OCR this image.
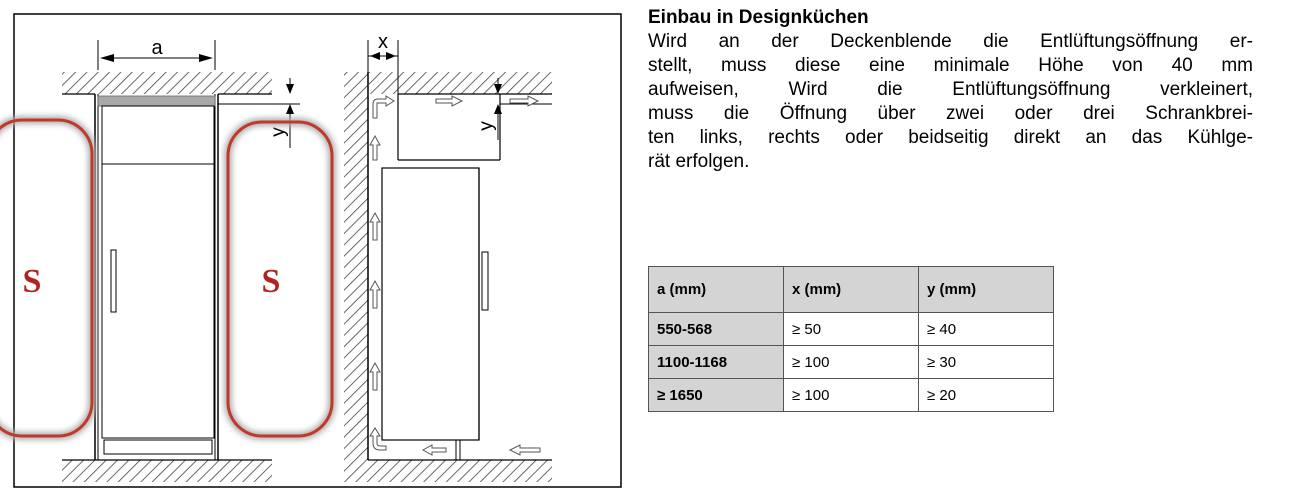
a
y
S	S
x
y

Einbau in Designküchen

Wird an der Deckenblende die Entlüftungsöffnung er-
stellt, muss diese eine minimale Höhe von 40 mm
aufweisen, Wird die Entlüftungsöffnung verkleinert,
muss die Öffnung über zwei oder drei Schrankbrei-
ten links, rechts oder beidseitig direkt an das Kühlge-
rät erfolgen.

a (mm)	x (mm)	y (mm)
550-568	≥ 50	≥ 40
1100-1168	≥ 100	≥ 30
≥ 1650	≥ 100	≥ 20
